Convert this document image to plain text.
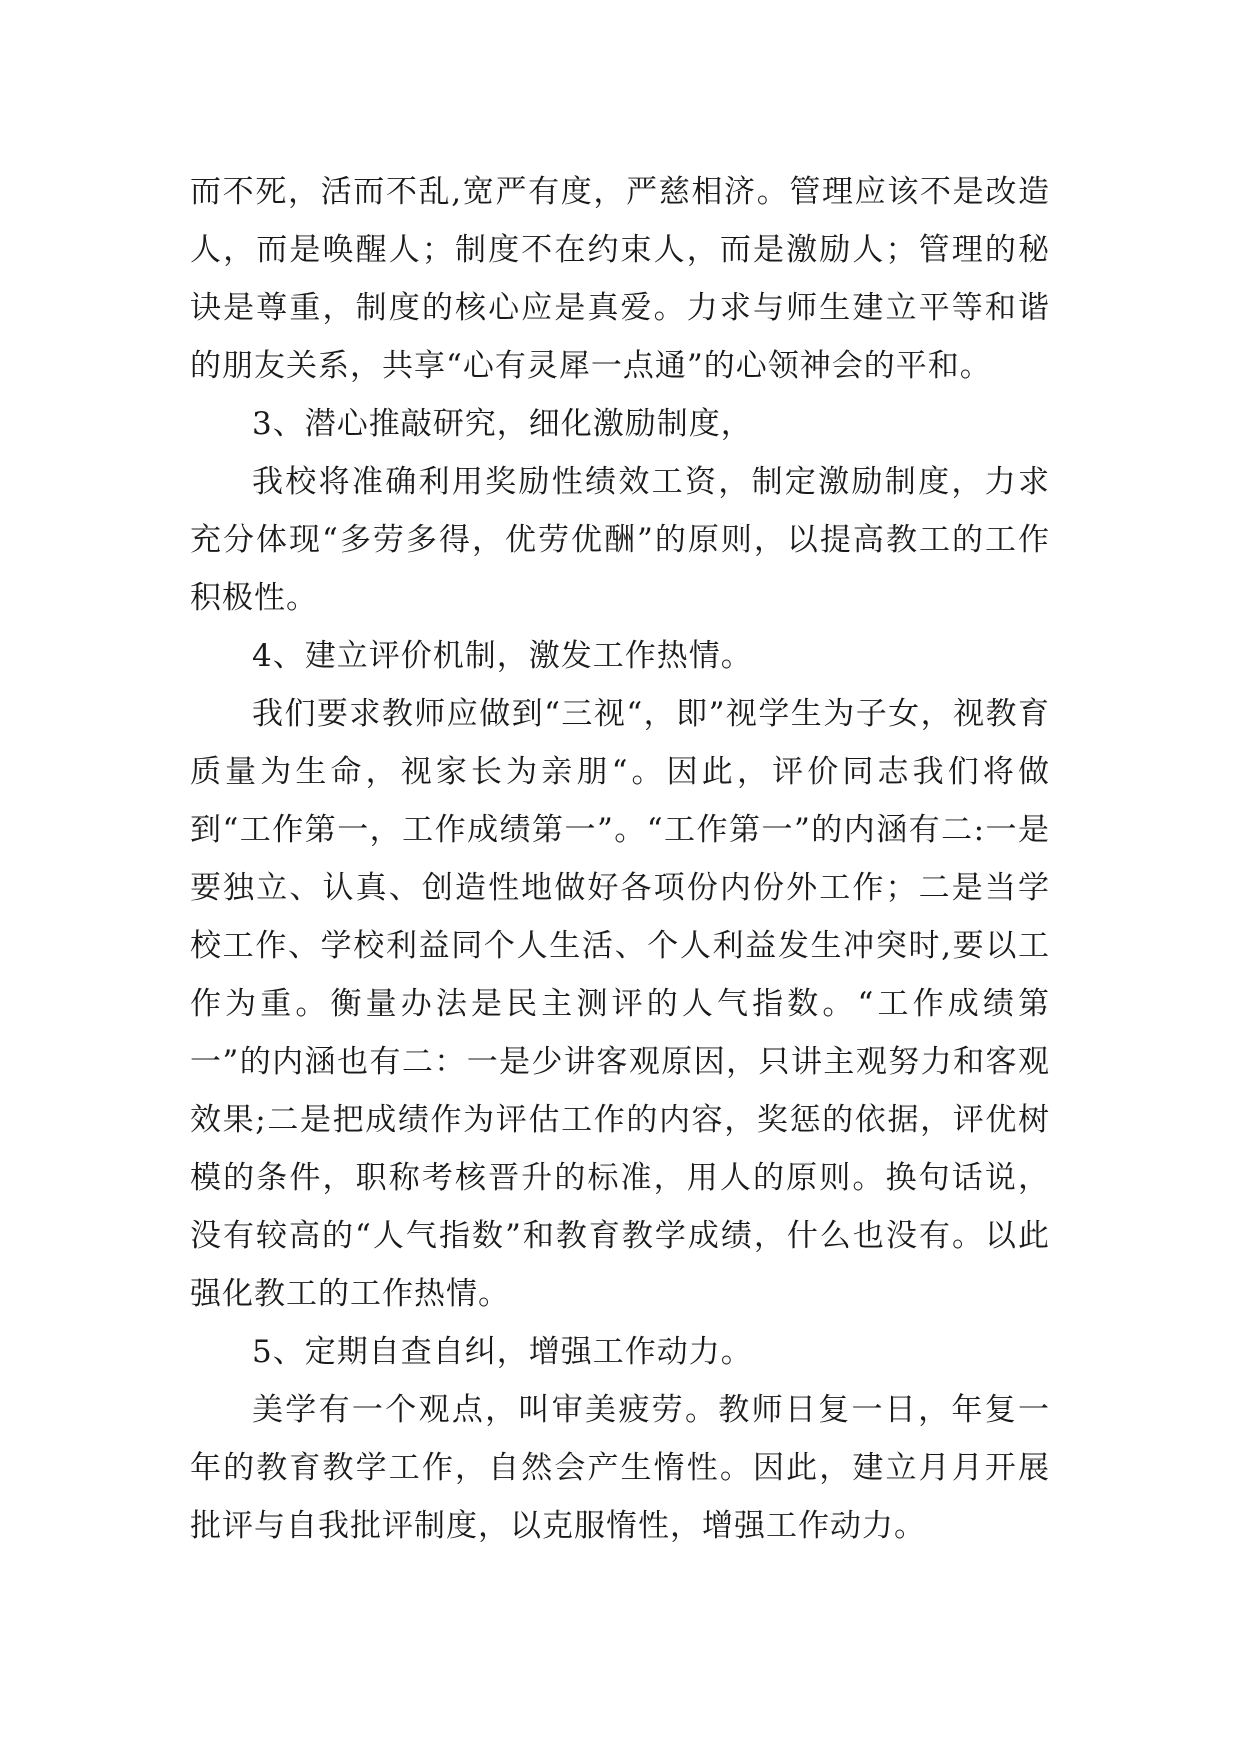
而不死，活而不乱,宽严有度，严慈相济。管理应该不是改造人，而是唤醒人；制度不在约束人，而是激励人；管理的秘诀是尊重，制度的核心应是真爱。力求与师生建立平等和谐的朋友关系，共享“心有灵犀一点通”的心领神会的平和。

3、潜心推敲研究，细化激励制度，

我校将准确利用奖励性绩效工资，制定激励制度，力求充分体现“多劳多得，优劳优酬”的原则，以提高教工的工作积极性。

4、建立评价机制，激发工作热情。

我们要求教师应做到“三视“，即”视学生为子女，视教育质量为生命，视家长为亲朋“。因此，评价同志我们将做到“工作第一，工作成绩第一”。“工作第一”的内涵有二:一是要独立、认真、创造性地做好各项份内份外工作；二是当学校工作、学校利益同个人生活、个人利益发生冲突时,要以工作为重。衡量办法是民主测评的人气指数。“工作成绩第一”的内涵也有二：一是少讲客观原因，只讲主观努力和客观效果;二是把成绩作为评估工作的内容，奖惩的依据，评优树模的条件，职称考核晋升的标准，用人的原则。换句话说，没有较高的“人气指数”和教育教学成绩，什么也没有。以此强化教工的工作热情。

5、定期自查自纠，增强工作动力。

美学有一个观点，叫审美疲劳。教师日复一日，年复一年的教育教学工作，自然会产生惰性。因此，建立月月开展批评与自我批评制度，以克服惰性，增强工作动力。
